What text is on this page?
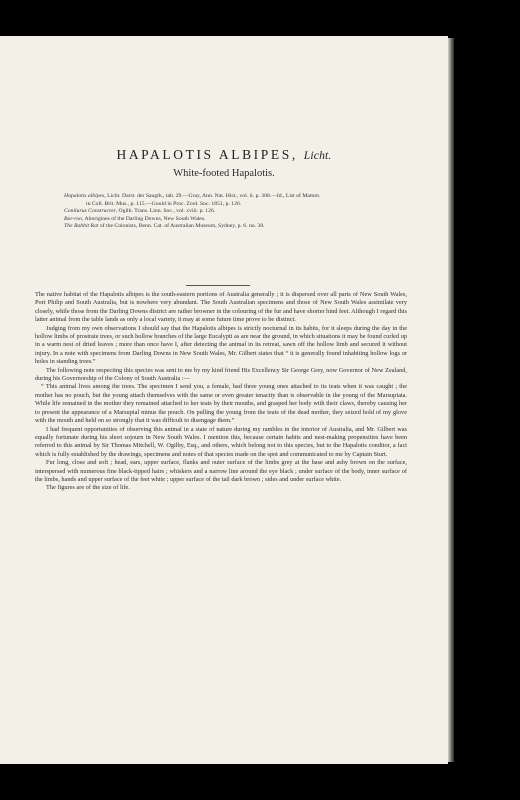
HAPALOTIS ALBIPES, Licht.
White-footed Hapalotis.
Hapalotis albipes, Licht. Darst. der Saugth., tab. 29.—Gray, Ann. Nat. Hist., vol. ii. p. 308.—Id., List of Mamm.
in Coll. Brit. Mus., p. 115.—Gould in Proc. Zool. Soc. 1851, p. 126.
Conilurus Constructor, Ogilb. Trans. Linn. Soc., vol. xviii. p. 126.
Bar-roo, Aborigines of the Darling Downs, New South Wales.
The Rabbit Rat of the Colonists, Benn. Cat. of Australian Museum, Sydney, p. 6. no. 30.

The native habitat of the Hapalotis albipes is the south-eastern portions of Australia generally ; it is dispersed over all parts of New South Wales, Port Philip and South Australia, but is nowhere very abundant. The South Australian specimens and those of New South Wales assimilate very closely, while those from the Darling Downs district are rather browner in the colouring of the fur and have shorter hind feet. Although I regard this latter animal from the table lands as only a local variety, it may at some future time prove to be distinct.

Judging from my own observations I should say that the Hapalotis albipes is strictly nocturnal in its habits, for it sleeps during the day in the hollow limbs of prostrate trees, or such hollow branches of the large Eucalypti as are near the ground, in which situations it may be found curled up in a warm nest of dried leaves ; more than once have I, after detecting the animal in its retreat, sawn off the hollow limb and secured it without injury. In a note with specimens from Darling Downs in New South Wales, Mr. Gilbert states that “ it is generally found inhabiting hollow logs or holes in standing trees.”

The following note respecting this species was sent to me by my kind friend His Excellency Sir George Grey, now Governor of New Zealand, during his Governorship of the Colony of South Australia :—

“ This animal lives among the trees. The specimen I send you, a female, had three young ones attached to its teats when it was caught ; the mother has no pouch, but the young attach themselves with the same or even greater tenacity than is observable in the young of the Marsupiata. While life remained in the mother they remained attached to her teats by their mouths, and grasped her body with their claws, thereby causing her to present the appearance of a Marsupial minus the pouch. On pulling the young from the teats of the dead mother, they seized hold of my glove with the mouth and held on so strongly that it was difficult to disengage them.”

I had frequent opportunities of observing this animal in a state of nature during my rambles in the interior of Australia, and Mr. Gilbert was equally fortunate during his short sojourn in New South Wales. I mention this, because certain habits and nest-making propensities have been referred to this animal by Sir Thomas Mitchell, W. Ogilby, Esq., and others, which belong not to this species, but to the Hapalotis conditor, a fact which is fully established by the drawings, specimens and notes of that species made on the spot and communicated to me by Captain Sturt.

Fur long, close and soft ; head, ears, upper surface, flanks and outer surface of the limbs grey at the base and ashy brown on the surface, interspersed with numerous fine black-tipped hairs ; whiskers and a narrow line around the eye black ; under surface of the body, inner surface of the limbs, hands and upper surface of the feet white ; upper surface of the tail dark brown ; sides and under surface white.

The figures are of the size of life.
